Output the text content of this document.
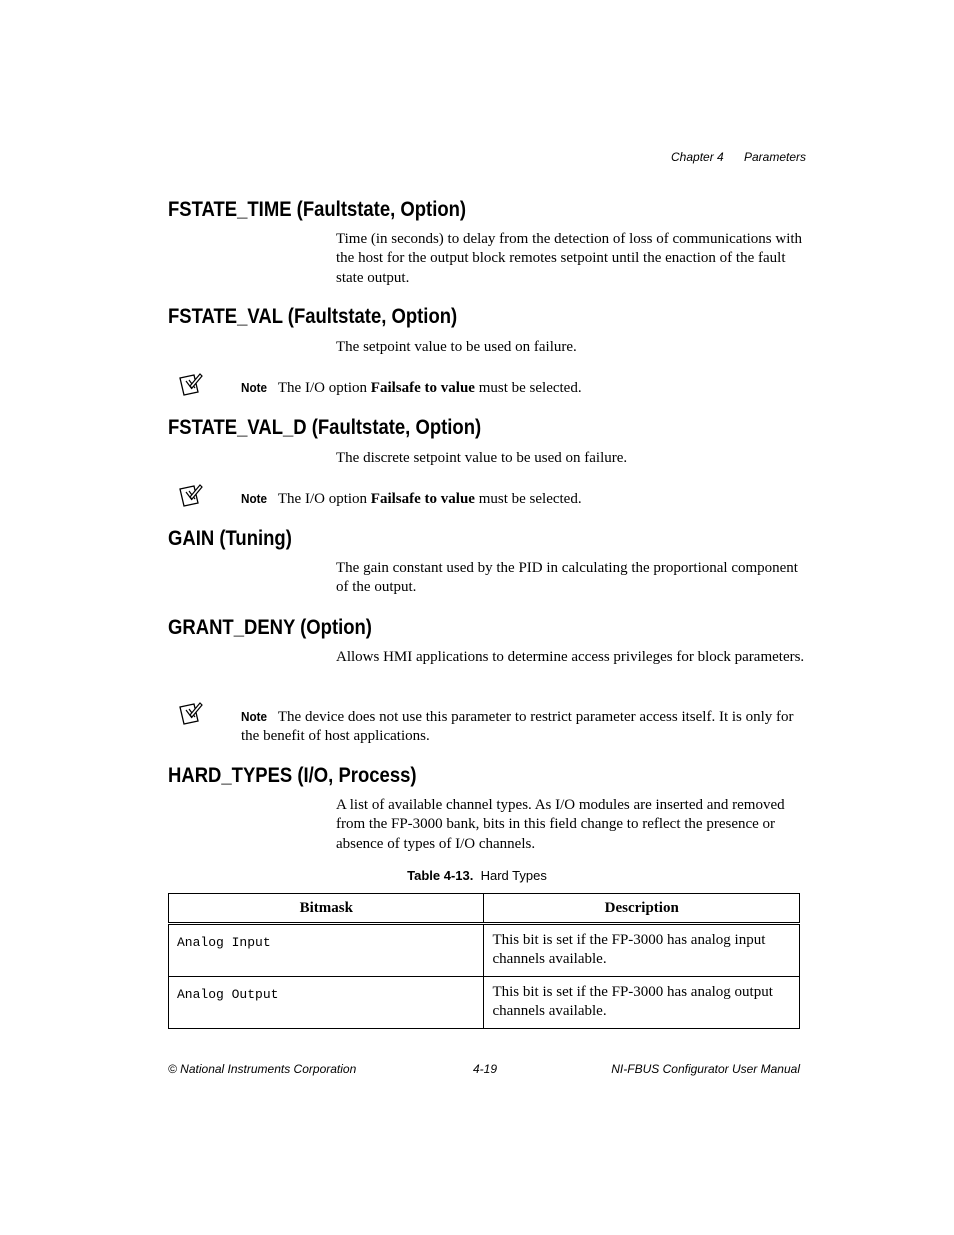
Chapter 4 Parameters
FSTATE_TIME (Faultstate, Option)
Time (in seconds) to delay from the detection of loss of communications with the host for the output block remotes setpoint until the enaction of the fault state output.
FSTATE_VAL (Faultstate, Option)
The setpoint value to be used on failure.
Note The I/O option Failsafe to value must be selected.
FSTATE_VAL_D (Faultstate, Option)
The discrete setpoint value to be used on failure.
Note The I/O option Failsafe to value must be selected.
GAIN (Tuning)
The gain constant used by the PID in calculating the proportional component of the output.
GRANT_DENY (Option)
Allows HMI applications to determine access privileges for block parameters.
Note The device does not use this parameter to restrict parameter access itself. It is only for the benefit of host applications.
HARD_TYPES (I/O, Process)
A list of available channel types. As I/O modules are inserted and removed from the FP-3000 bank, bits in this field change to reflect the presence or absence of types of I/O channels.
Table 4-13. Hard Types
Bitmask	Description
Analog Input	This bit is set if the FP-3000 has analog input channels available.
Analog Output	This bit is set if the FP-3000 has analog output channels available.
© National Instruments Corporation	4-19	NI-FBUS Configurator User Manual
